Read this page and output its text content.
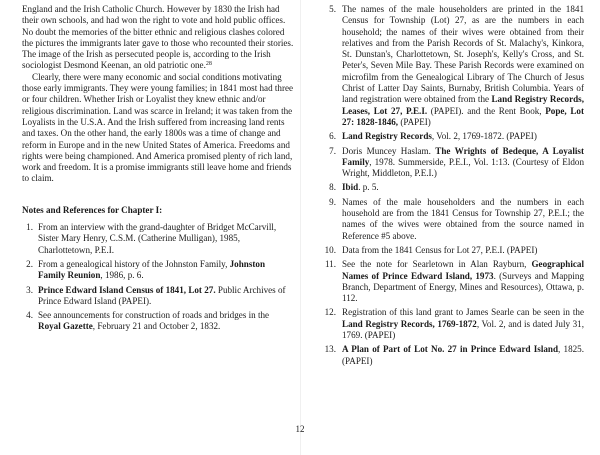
England and the Irish Catholic Church. However by 1830 the Irish had their own schools, and had won the right to vote and hold public offices. No doubt the memories of the bitter ethnic and religious clashes colored the pictures the immigrants later gave to those who recounted their stories. The image of the Irish as persecuted people is, according to the Irish sociologist Desmond Keenan, an old patriotic one.$^{28}$

Clearly, there were many economic and social conditions motivating those early immigrants. They were young families; in 1841 most had three or four children. Whether Irish or Loyalist they knew ethnic and/or religious discrimination. Land was scarce in Ireland; it was taken from the Loyalists in the U.S.A. And the Irish suffered from increasing land rents and taxes. On the other hand, the early 1800s was a time of change and reform in Europe and in the new United States of America. Freedoms and rights were being championed. And America promised plenty of rich land, work and freedom. It is a promise immigrants still leave home and friends to claim.

Notes and References for Chapter I:

1. From an interview with the grand-daughter of Bridget McCarvill, Sister Mary Henry, C.S.M. (Catherine Mulligan), 1985, Charlottetown, P.E.I.
2. From a genealogical history of the Johnston Family, Johnston Family Reunion, 1986, p. 6.
3. Prince Edward Island Census of 1841, Lot 27. Public Archives of Prince Edward Island (PAPEI).
4. See announcements for construction of roads and bridges in the Royal Gazette, February 21 and October 2, 1832.
5. The names of the male householders are printed in the 1841 Census for Township (Lot) 27, as are the numbers in each household; the names of their wives were obtained from their relatives and from the Parish Records of St. Malachy's, Kinkora, St. Dunstan's, Charlottetown, St. Joseph's, Kelly's Cross, and St. Peter's, Seven Mile Bay. These Parish Records were examined on microfilm from the Genealogical Library of The Church of Jesus Christ of Latter Day Saints, Burnaby, British Columbia. Years of land registration were obtained from the Land Registry Records, Leases, Lot 27, P.E.I. (PAPEI). and the Rent Book, Pope, Lot 27: 1828-1846, (PAPEI)
6. Land Registry Records, Vol. 2, 1769-1872. (PAPEI)
7. Doris Muncey Haslam. The Wrights of Bedeque, A Loyalist Family, 1978. Summerside, P.E.I., Vol. 1:13. (Courtesy of Eldon Wright, Middleton, P.E.I.)
8. Ibid. p. 5.
9. Names of the male householders and the numbers in each household are from the 1841 Census for Township 27, P.E.I.; the names of the wives were obtained from the source named in Reference #5 above.
10. Data from the 1841 Census for Lot 27, P.E.I. (PAPEI)
11. See the note for Searletown in Alan Rayburn, Geographical Names of Prince Edward Island, 1973. (Surveys and Mapping Branch, Department of Energy, Mines and Resources), Ottawa, p. 112.
12. Registration of this land grant to James Searle can be seen in the Land Registry Records, 1769-1872, Vol. 2, and is dated July 31, 1769. (PAPEI)
13. A Plan of Part of Lot No. 27 in Prince Edward Island, 1825. (PAPEI)
12
